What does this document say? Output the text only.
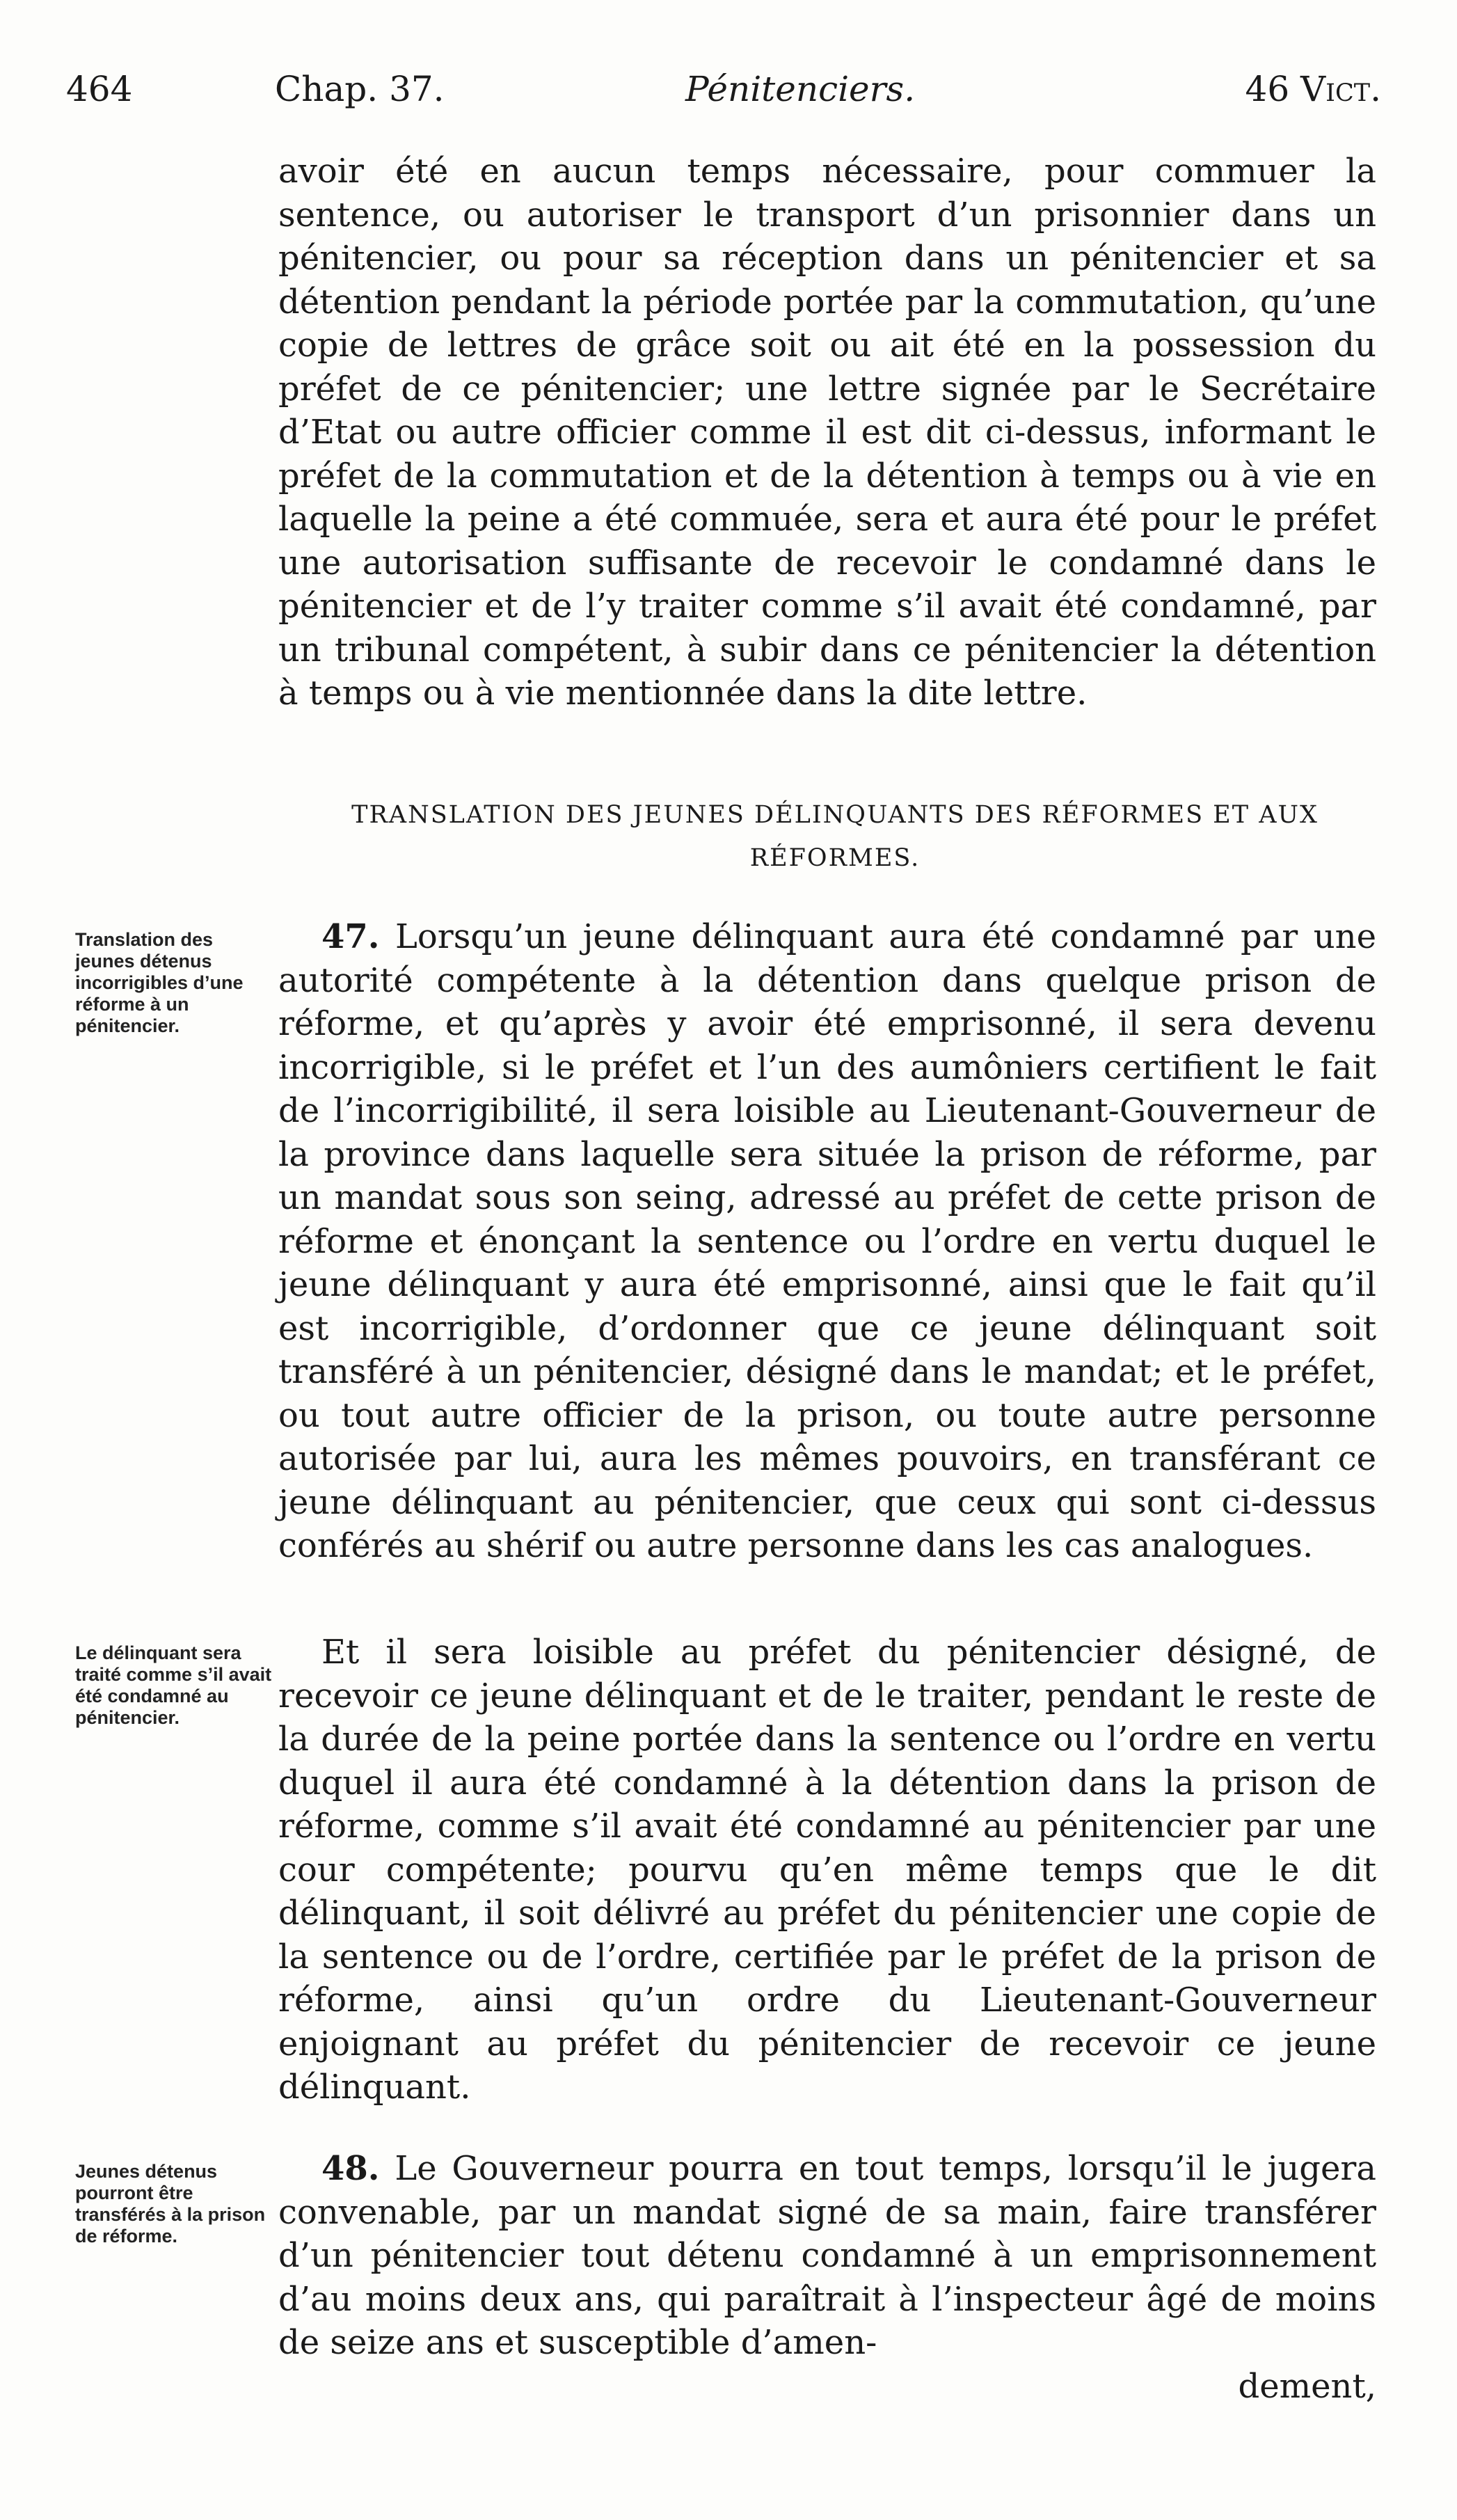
464	Chap. 37.	Pénitenciers.	46 Vict.

avoir été en aucun temps nécessaire, pour commuer la sentence, ou autoriser le transport d’un prisonnier dans un pénitencier, ou pour sa réception dans un pénitencier et sa détention pendant la période portée par la commutation, qu’une copie de lettres de grâce soit ou ait été en la possession du préfet de ce pénitencier; une lettre signée par le Secrétaire d’Etat ou autre officier comme il est dit ci-dessus, informant le préfet de la commutation et de la détention à temps ou à vie en laquelle la peine a été commuée, sera et aura été pour le préfet une autorisation suffisante de recevoir le condamné dans le pénitencier et de l’y traiter comme s’il avait été condamné, par un tribunal compétent, à subir dans ce pénitencier la détention à temps ou à vie mentionnée dans la dite lettre.

TRANSLATION DES JEUNES DÉLINQUANTS DES RÉFORMES ET AUX RÉFORMES.
Translation des jeunes détenus incorrigibles d’une réforme à un pénitencier.

47. Lorsqu’un jeune délinquant aura été condamné par une autorité compétente à la détention dans quelque prison de réforme, et qu’après y avoir été emprisonné, il sera devenu incorrigible, si le préfet et l’un des aumôniers certifient le fait de l’incorrigibilité, il sera loisible au Lieutenant-Gouverneur de la province dans laquelle sera située la prison de réforme, par un mandat sous son seing, adressé au préfet de cette prison de réforme et énonçant la sentence ou l’ordre en vertu duquel le jeune délinquant y aura été emprisonné, ainsi que le fait qu’il est incorrigible, d’ordonner que ce jeune délinquant soit transféré à un pénitencier, désigné dans le mandat; et le préfet, ou tout autre officier de la prison, ou toute autre personne autorisée par lui, aura les mêmes pouvoirs, en transférant ce jeune délinquant au pénitencier, que ceux qui sont ci-dessus conférés au shérif ou autre personne dans les cas analogues.

Le délinquant sera traité comme s’il avait été condamné au pénitencier.

Et il sera loisible au préfet du pénitencier désigné, de recevoir ce jeune délinquant et de le traiter, pendant le reste de la durée de la peine portée dans la sentence ou l’ordre en vertu duquel il aura été condamné à la détention dans la prison de réforme, comme s’il avait été condamné au pénitencier par une cour compétente; pourvu qu’en même temps que le dit délinquant, il soit délivré au préfet du pénitencier une copie de la sentence ou de l’ordre, certifiée par le préfet de la prison de réforme, ainsi qu’un ordre du Lieutenant-Gouverneur enjoignant au préfet du pénitencier de recevoir ce jeune délinquant.

Jeunes détenus pourront être transférés à la prison de réforme.

48. Le Gouverneur pourra en tout temps, lorsqu’il le jugera convenable, par un mandat signé de sa main, faire transférer d’un pénitencier tout détenu condamné à un emprisonnement d’au moins deux ans, qui paraîtrait à l’inspecteur âgé de moins de seize ans et susceptible d’amen-

dement,
